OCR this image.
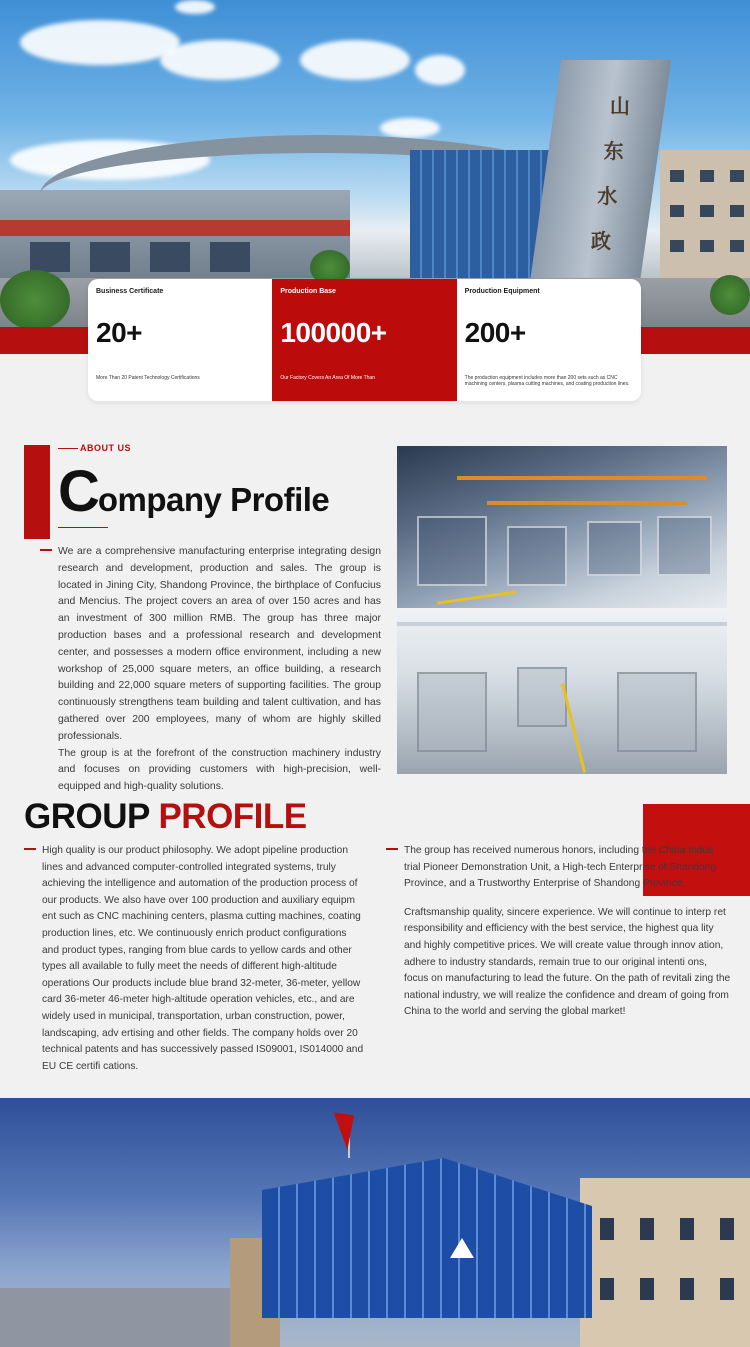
山
东
水
政
Business Certificate
20+
More Than 20 Patent Technology Certifications
Production Base
100000+
Our Factory Covers An Area Of More Than
Production Equipment
200+
The production equipment includes more than 200 sets such as CNC machining centers, plasma cutting machines, and coating production lines.
ABOUT US
Company Profile

We are a comprehensive manufacturing enterprise integrating design research and development, production and sales. The group is located in Jining City, Shandong Province, the birthplace of Confucius and Mencius. The project covers an area of over 150 acres and has an investment of 300 million RMB. The group has three major production bases and a professional research and development center, and possesses a modern office environment, including a new workshop of 25,000 square meters, an office building, a research building and 22,000 square meters of supporting facilities. The group continuously strengthens team building and talent cultivation, and has gathered over 200 employees, many of whom are highly skilled professionals.

The group is at the forefront of the construction machinery industry and focuses on providing customers with high-precision, well-equipped and high-quality solutions.

GROUP PROFILE

High quality is our product philosophy. We adopt pipeline production lines and advanced computer-controlled integrated systems, truly achieving the intelligence and automation of the production process of our products. We also have over 100 production and auxiliary equipm ent such as CNC machining centers, plasma cutting machines, coating production lines, etc. We continuously enrich product configurations and product types, ranging from blue cards to yellow cards and other types all available to fully meet the needs of different high-altitude operations Our products include blue brand 32-meter, 36-meter, yellow card 36-meter 46-meter high-altitude operation vehicles, etc., and are widely used in municipal, transportation, urban construction, power, landscaping, adv ertising and other fields. The company holds over 20 technical patents and has successively passed IS09001, IS014000 and EU CE certifi cations.

The group has received numerous honors, including the China Indus trial Pioneer Demonstration Unit, a High-tech Enterprise of Shandong Province, and a Trustworthy Enterprise of Shandong Province.

Craftsmanship quality, sincere experience. We will continue to interp ret responsibility and efficiency with the best service, the highest qua lity and highly competitive prices. We will create value through innov ation, adhere to industry standards, remain true to our original intenti ons, focus on manufacturing to lead the future. On the path of revitali zing the national industry, we will realize the confidence and dream of going from China to the world and serving the global market!
